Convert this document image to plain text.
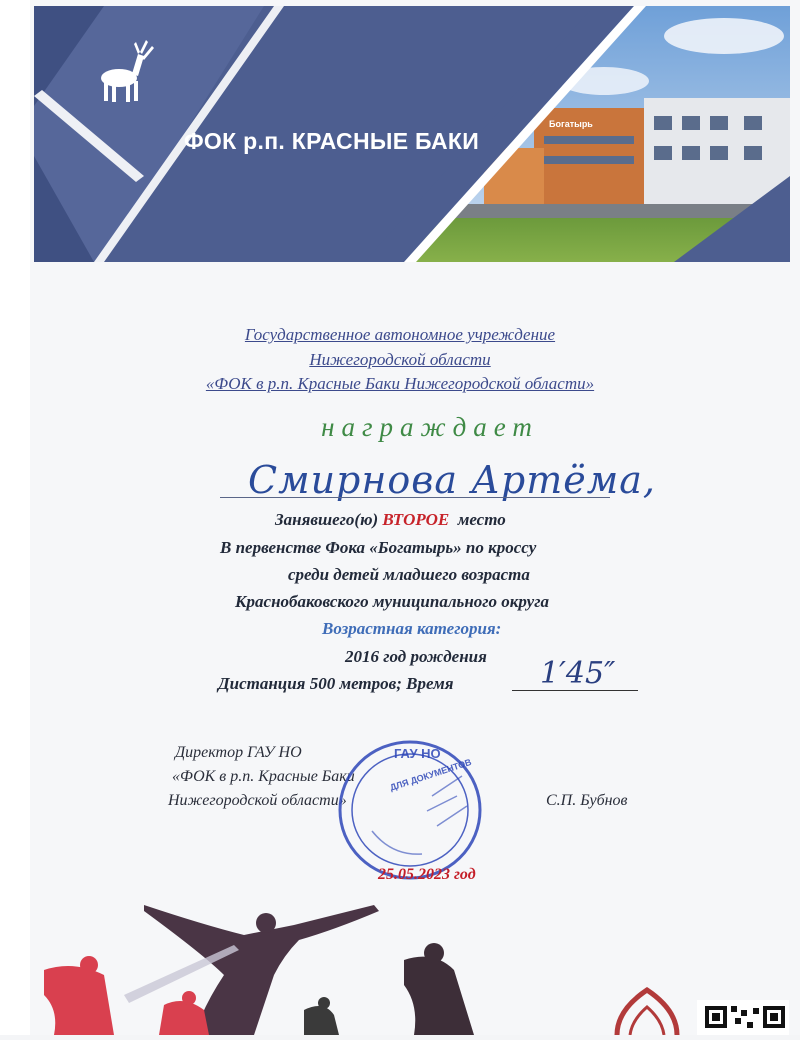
ФОК р.п. КРАСНЫЕ БАКИ
Богатырь
Государственное автономное учреждение
Нижегородской области
«ФОК в р.п. Красные Баки Нижегородской области»
награждает
Смирнова Артёма,
Занявшего(ю) ВТОРОЕ место
В первенстве Фока «Богатырь» по кроссу
среди детей младшего возраста
Краснобаковского муниципального округа
Возрастная категория:
2016 год рождения
Дистанция 500 метров; Время	1′45″
Директор ГАУ НО
«ФОК в р.п. Красные Баки
Нижегородской области»	С.П. Бубнов
ГАУ НО
ДЛЯ ДОКУМЕНТОВ
25.05.2023 год
